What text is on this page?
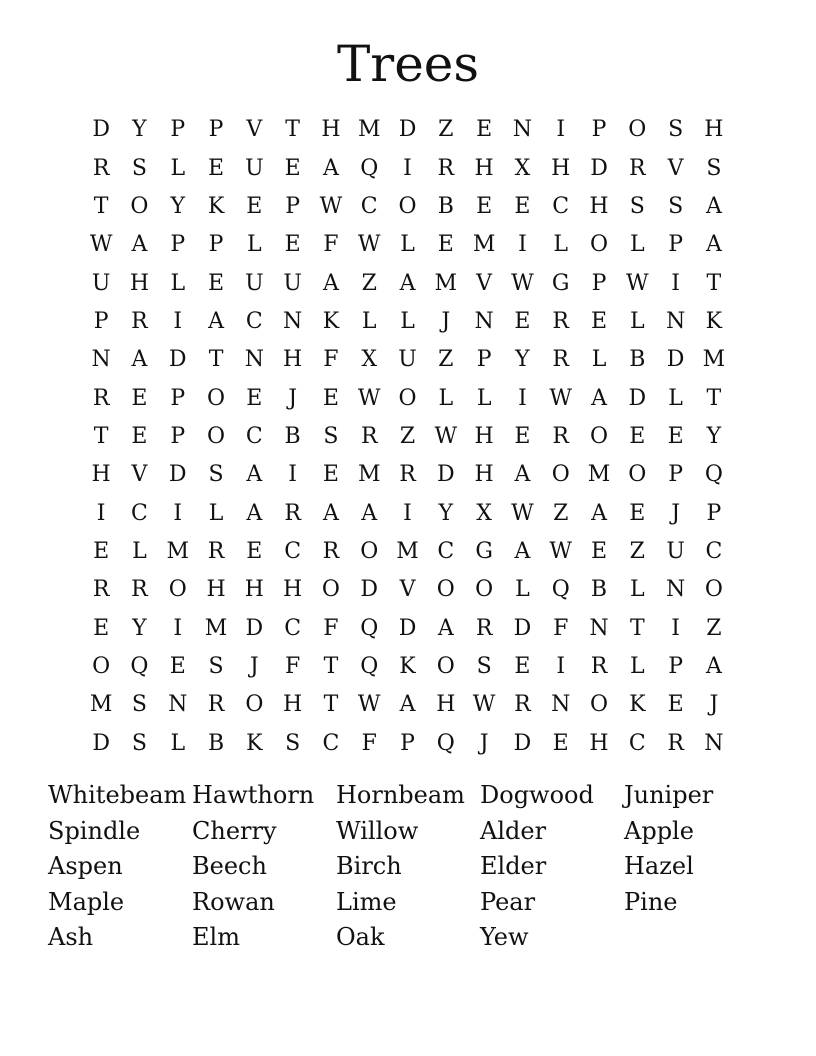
Trees
D	Y	P	P	V	T H M D Z	E N	I	P O S H
R	S	L	E U E	A Q	I	R H X H D R	V	S
T O	Y	K	E	P W C O B	E	E C H S	S	A
W A	P	P	L	E	F W L	E M	I	L O L	P	A
U H L	E U U A	Z	A M V W G	P W	I	T
P	R	I	A C N K	L	L	J	N E R E	L N K
N A D	T N H F	X U Z	P	Y	R	L	B D M
R E	P O E	J	E W O L	L	I	W A D	L	T
T	E	P O C B	S	R	Z W H E R O E	E	Y
H V D S	A	I	E M R D H A O M O P Q
I	C	I	L	A	R	A	A	I	Y	X W Z	A	E	J	P
E	L M R E C R O M C G A W E	Z U C
R R O H H H O D V O O L Q B	L N O
E	Y	I	M D C	F Q D A	R D F N T	I	Z
O Q E	S	J	F	T Q K O S	E	I	R	L	P	A
M S N R O H T W A H W R N O K	E	J
D S	L	B K	S	C	F	P Q	J	D E H C R N
Whitebeam Hawthorn Hornbeam Dogwood	Juniper
Spindle	Cherry	Willow	Alder	Apple
Aspen	Beech	Birch	Elder	Hazel
Maple	Rowan	Lime	Pear	Pine
Ash	Elm	Oak	Yew
